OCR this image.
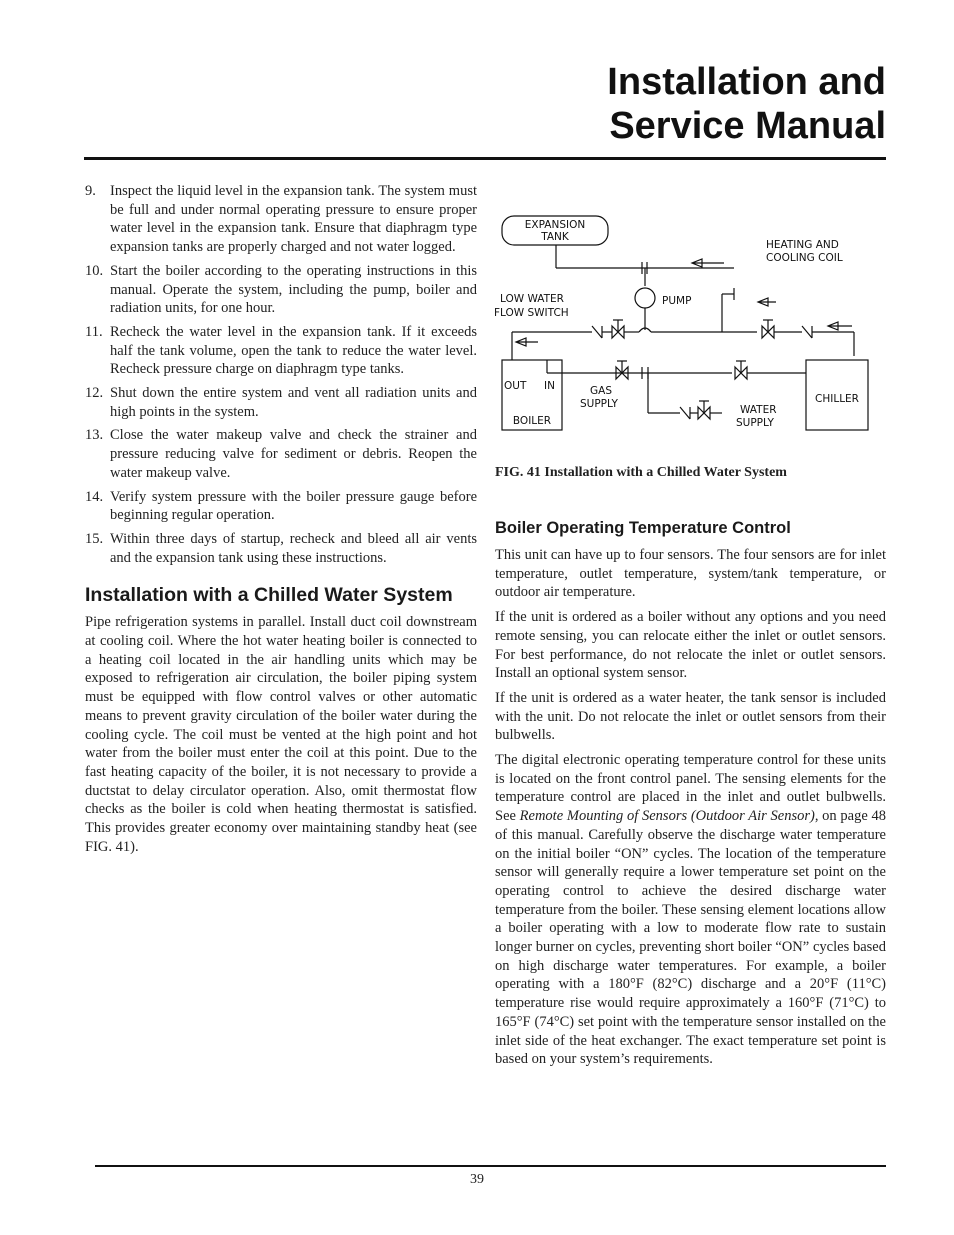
Installation and
Service Manual
9. Inspect the liquid level in the expansion tank. The system must be full and under normal operating pressure to ensure proper water level in the expansion tank. Ensure that diaphragm type expansion tanks are properly charged and not water logged.
10. Start the boiler according to the operating instructions in this manual. Operate the system, including the pump, boiler and radiation units, for one hour.
11. Recheck the water level in the expansion tank. If it exceeds half the tank volume, open the tank to reduce the water level. Recheck pressure charge on diaphragm type tanks.
12. Shut down the entire system and vent all radiation units and high points in the system.
13. Close the water makeup valve and check the strainer and pressure reducing valve for sediment or debris. Reopen the water makeup valve.
14. Verify system pressure with the boiler pressure gauge before beginning regular operation.
15. Within three days of startup, recheck and bleed all air vents and the expansion tank using these instructions.
Installation with a Chilled Water System

Pipe refrigeration systems in parallel. Install duct coil downstream at cooling coil. Where the hot water heating boiler is connected to a heating coil located in the air handling units which may be exposed to refrigeration air circulation, the boiler piping system must be equipped with flow control valves or other automatic means to prevent gravity circulation of the boiler water during the cooling cycle. The coil must be vented at the high point and hot water from the boiler must enter the coil at this point. Due to the fast heating capacity of the boiler, it is not necessary to provide a ductstat to delay circulator operation. Also, omit thermostat flow checks as the boiler is cold when heating thermostat is satisfied. This provides greater economy over maintaining standby heat (see FIG. 41).

EXPANSION
TANK
HEATING AND
COOLING COIL
LOW WATER
FLOW SWITCH
PUMP
OUT IN
BOILER
GAS
SUPPLY	WATER
SUPPLY
CHILLER
FIG. 41 Installation with a Chilled Water System
Boiler Operating Temperature Control

This unit can have up to four sensors. The four sensors are for inlet temperature, outlet temperature, system/tank temperature, or outdoor air temperature.

If the unit is ordered as a boiler without any options and you need remote sensing, you can relocate either the inlet or outlet sensors. For best performance, do not relocate the inlet or outlet sensors. Install an optional system sensor.

If the unit is ordered as a water heater, the tank sensor is included with the unit. Do not relocate the inlet or outlet sensors from their bulbwells.

The digital electronic operating temperature control for these units is located on the front control panel. The sensing elements for the temperature control are placed in the inlet and outlet bulbwells. See Remote Mounting of Sensors (Outdoor Air Sensor), on page 48 of this manual. Carefully observe the discharge water temperature on the initial boiler “ON” cycles. The location of the temperature sensor will generally require a lower temperature set point on the operating control to achieve the desired discharge water temperature from the boiler. These sensing element locations allow a boiler operating with a low to moderate flow rate to sustain longer burner on cycles, preventing short boiler “ON” cycles based on high discharge water temperatures. For example, a boiler operating with a 180°F (82°C) discharge and a 20°F (11°C) temperature rise would require approximately a 160°F (71°C) to 165°F (74°C) set point with the temperature sensor installed on the inlet side of the heat exchanger. The exact temperature set point is based on your system’s requirements.

39
